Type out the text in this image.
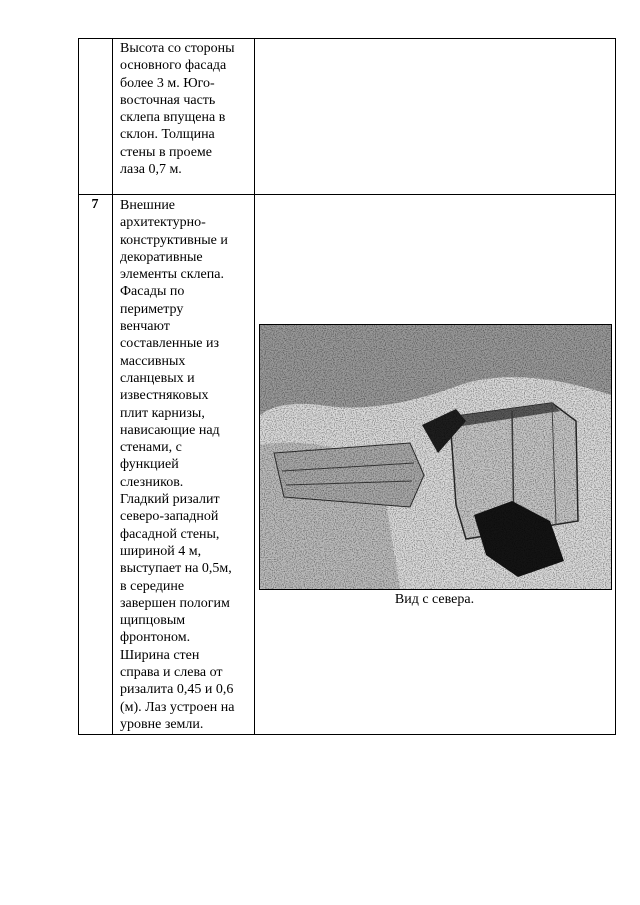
Высота со стороны
основного фасада
более 3 м. Юго-
восточная часть
склепа впущена в
склон. Толщина
стены в проеме
лаза 0,7 м.
7	Внешние
архитектурно-
конструктивные и
декоративные
элементы склепа.
Фасады по
периметру
венчают
составленные из
массивных
сланцевых и
известняковых
плит карнизы,
нависающие над
стенами, с
функцией
слезников.
Гладкий ризалит
северо-западной
фасадной стены,
шириной 4 м,
выступает на 0,5м,
в середине
завершен пологим
щипцовым
фронтоном.
Ширина стен
справа и слева от
ризалита 0,45 и 0,6
(м). Лаз устроен на
уровне земли.
Вид с севера.
